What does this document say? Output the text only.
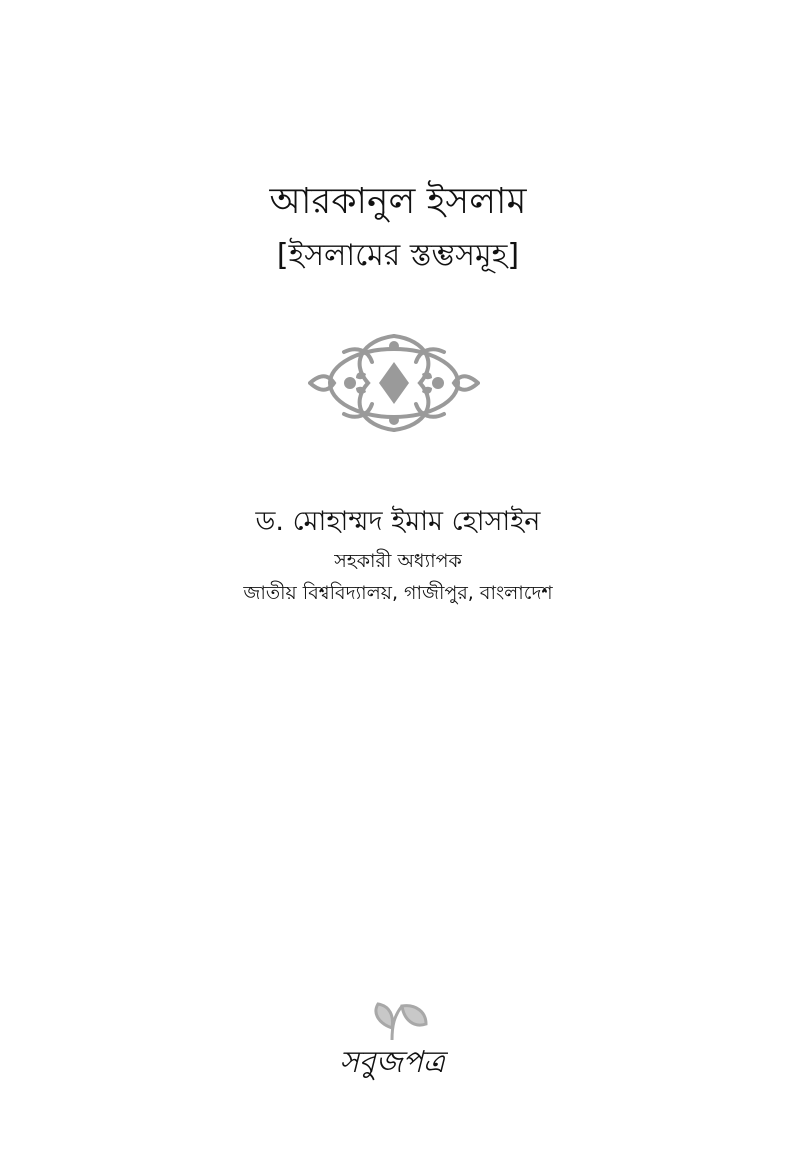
আরকানুল ইসলাম
[ইসলামের স্তম্ভসমূহ]
ড. মোহাম্মদ ইমাম হোসাইন
সহকারী অধ্যাপক
জাতীয় বিশ্ববিদ্যালয়, গাজীপুর, বাংলাদেশ
সবুজপত্র
